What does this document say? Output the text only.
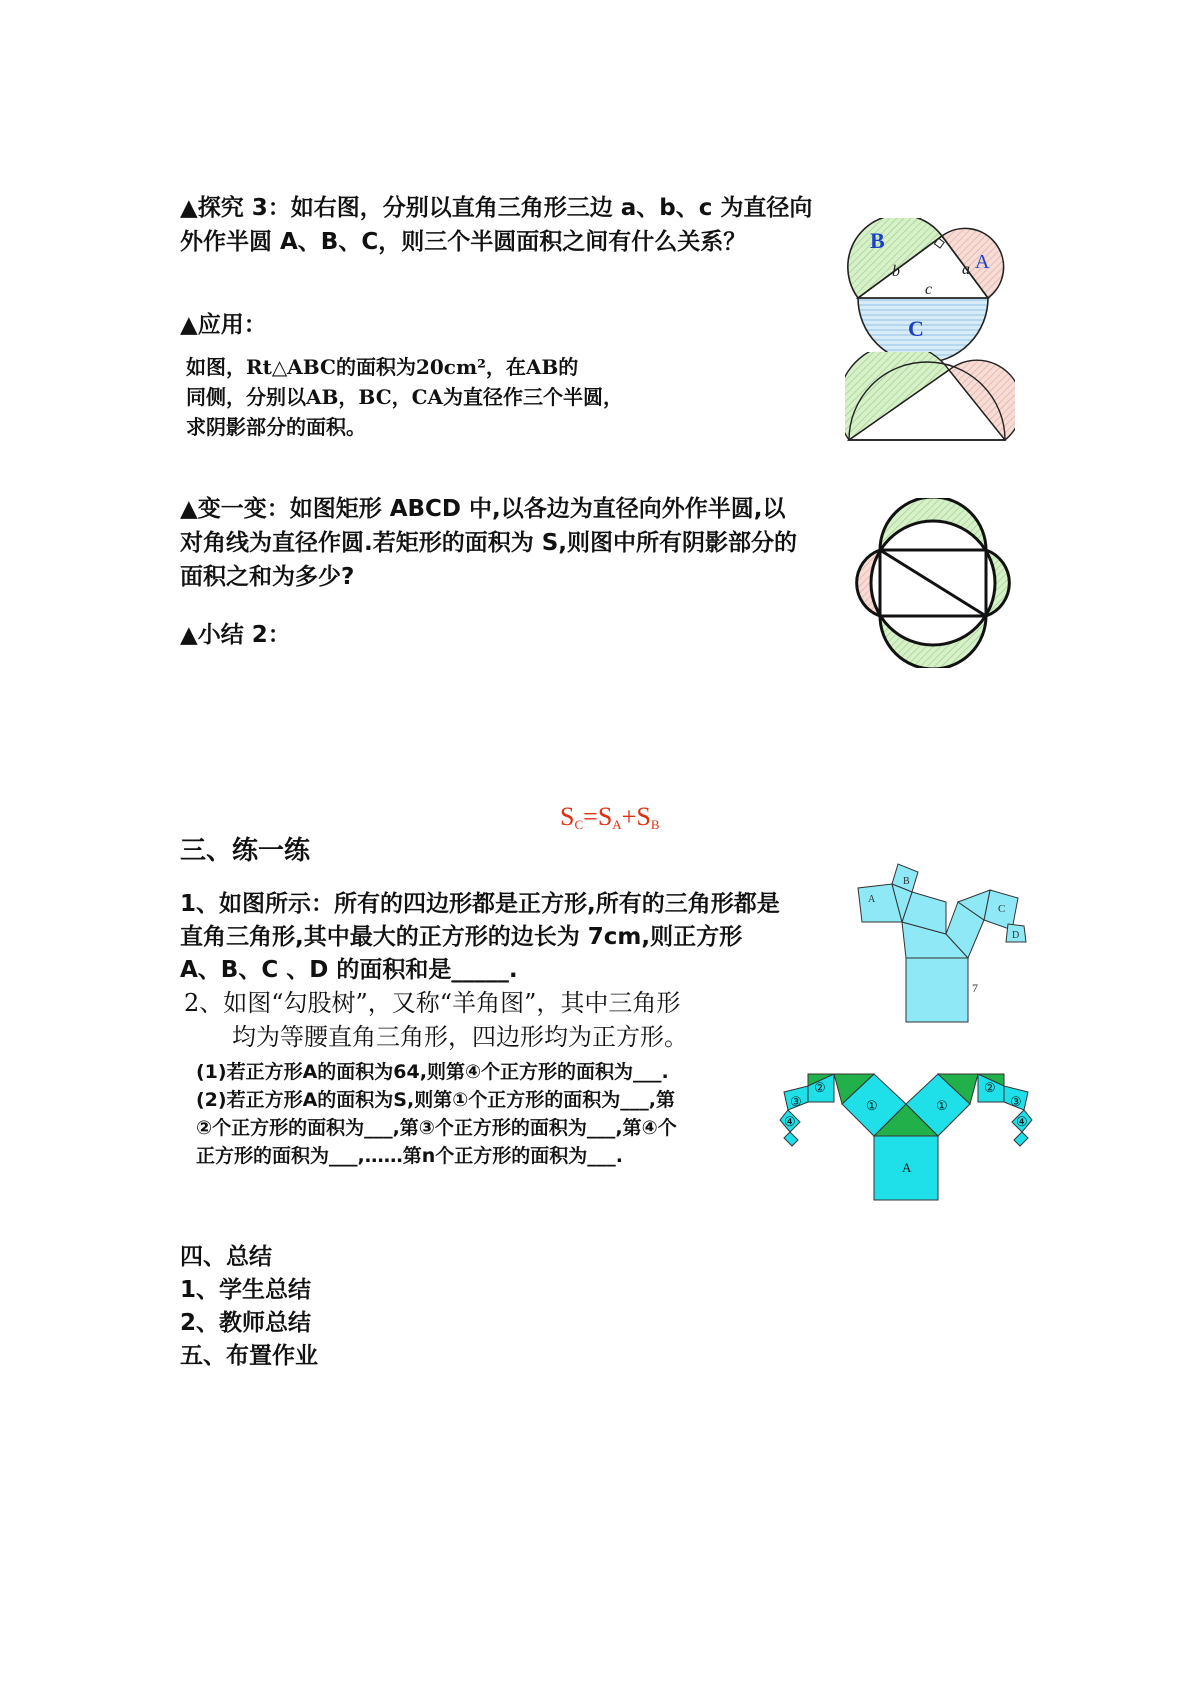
▲探究 3：如右图，分别以直角三角形三边 a、b、c 为直径向
外作半圆 A、B、C，则三个半圆面积之间有什么关系？	B
A
C
b	a
c
▲应用：
如图，Rt△ABC的面积为20cm²，在AB的
同侧，分别以AB，BC，CA为直径作三个半圆，
求阴影部分的面积。
▲变一变：如图矩形 ABCD 中,以各边为直径向外作半圆,以
对角线为直径作圆.若矩形的面积为 S,则图中所有阴影部分的
面积之和为多少?
▲小结 2：
$S_C=S_A+S_B$
三、练一练
1、如图所示：所有的四边形都是正方形,所有的三角形都是
直角三角形,其中最大的正方形的边长为 7cm,则正方形
A、B、C 、D 的面积和是_____.
2、如图“勾股树”，又称“羊角图”，其中三角形
均为等腰直角三角形，四边形均为正方形。
A
B
C
D
7
(1)若正方形A的面积为64,则第④个正方形的面积为___.
(2)若正方形A的面积为S,则第①个正方形的面积为___,第
②个正方形的面积为___,第③个正方形的面积为___,第④个
正方形的面积为___,……第n个正方形的面积为___.
A
①	①
②	②
③	③
④	④
四、总结
1、学生总结
2、教师总结
五、布置作业
